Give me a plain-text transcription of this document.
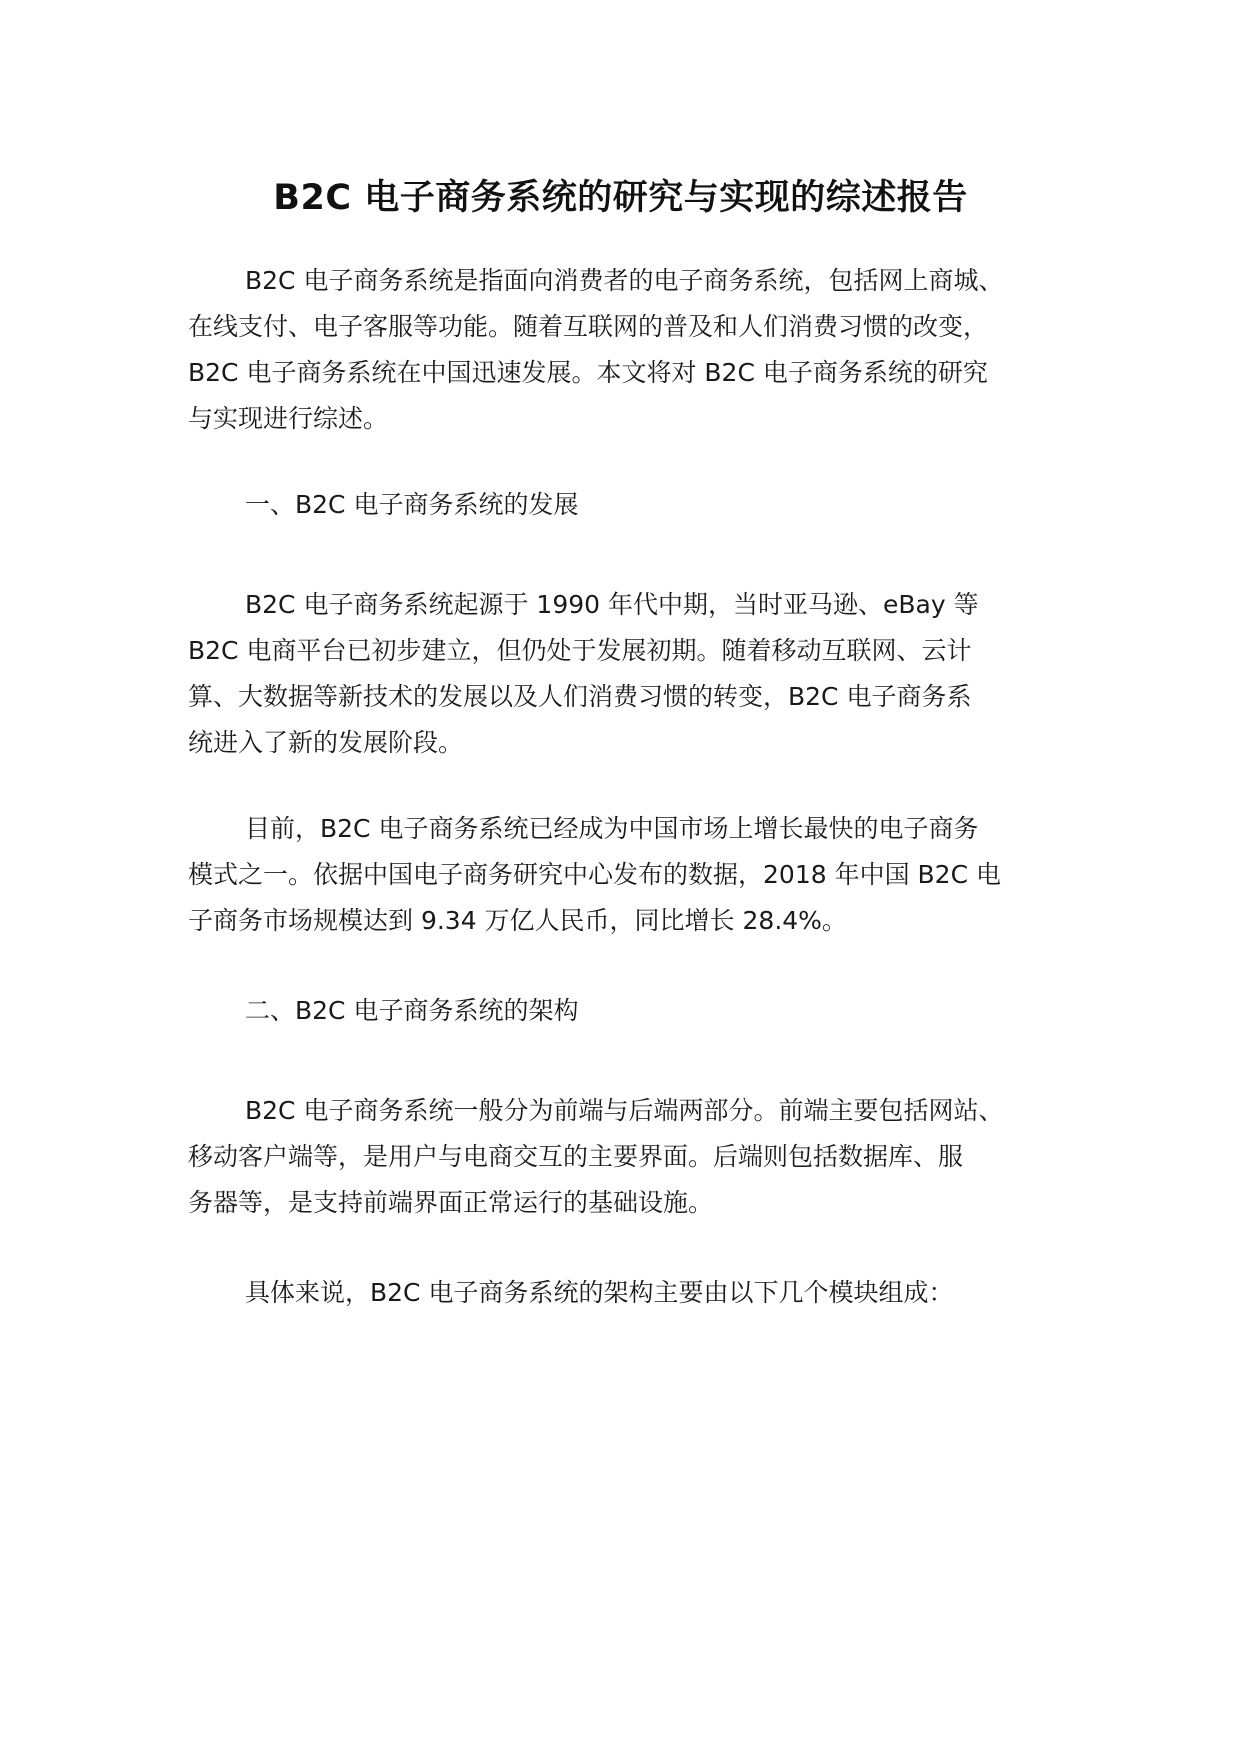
B2C 电子商务系统的研究与实现的综述报告
B2C 电子商务系统是指面向消费者的电子商务系统，包括网上商城、
在线支付、电子客服等功能。随着互联网的普及和人们消费习惯的改变，
B2C 电子商务系统在中国迅速发展。本文将对 B2C 电子商务系统的研究
与实现进行综述。
一、B2C 电子商务系统的发展
B2C 电子商务系统起源于 1990 年代中期，当时亚马逊、eBay 等
B2C 电商平台已初步建立，但仍处于发展初期。随着移动互联网、云计
算、大数据等新技术的发展以及人们消费习惯的转变，B2C 电子商务系
统进入了新的发展阶段。
目前，B2C 电子商务系统已经成为中国市场上增长最快的电子商务
模式之一。依据中国电子商务研究中心发布的数据，2018 年中国 B2C 电
子商务市场规模达到 9.34 万亿人民币，同比增长 28.4%。
二、B2C 电子商务系统的架构
B2C 电子商务系统一般分为前端与后端两部分。前端主要包括网站、
移动客户端等，是用户与电商交互的主要界面。后端则包括数据库、服
务器等，是支持前端界面正常运行的基础设施。
具体来说，B2C 电子商务系统的架构主要由以下几个模块组成：
